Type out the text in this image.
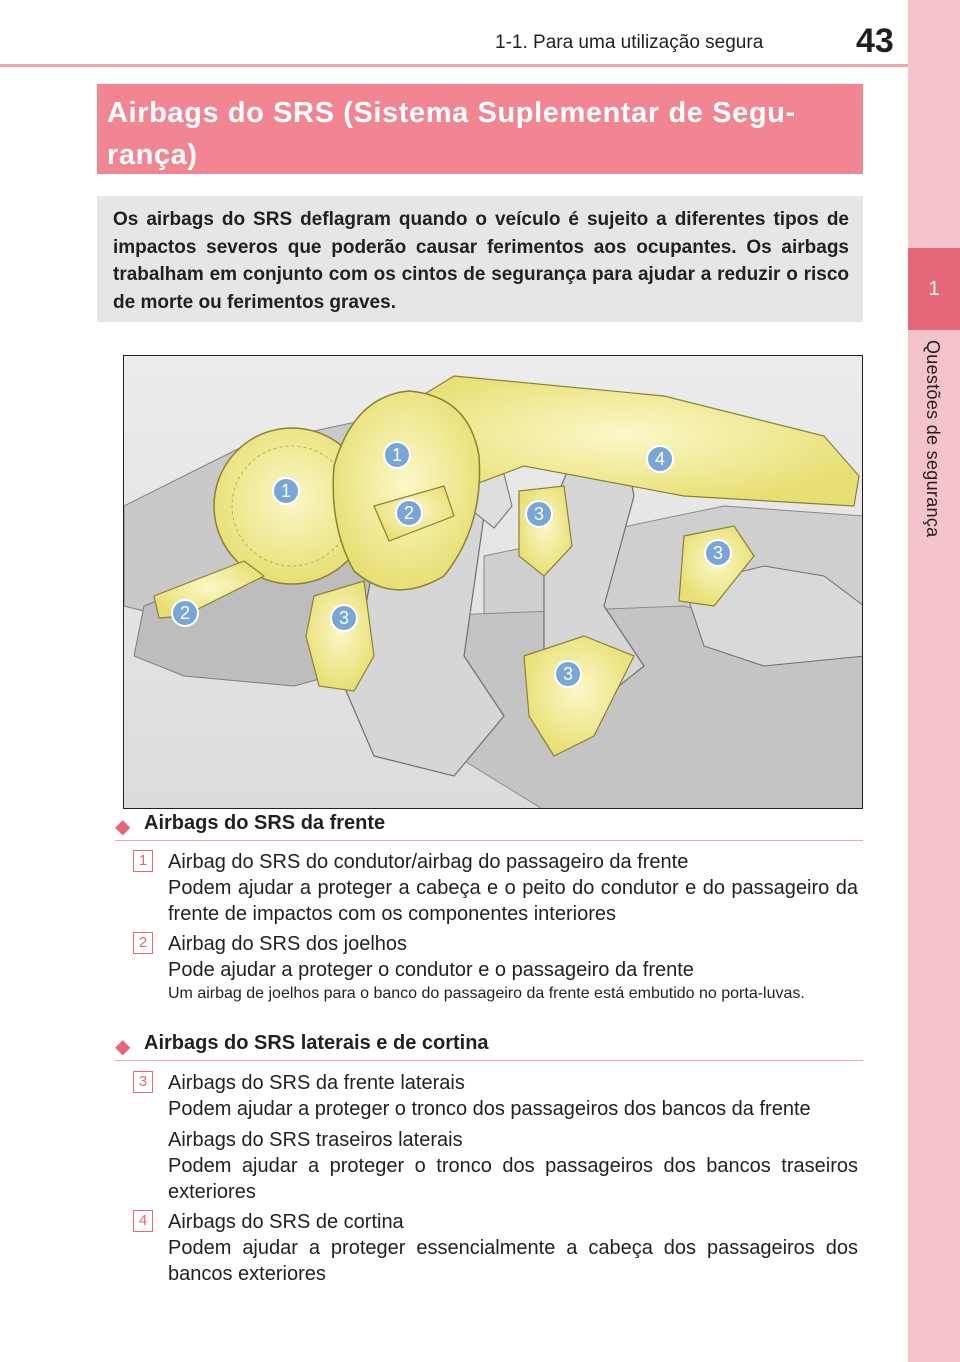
1-1. Para uma utilização segura	43
1
Questões de segurança
Airbags do SRS (Sistema Suplementar de Segu-rança)

Os airbags do SRS deflagram quando o veículo é sujeito a diferentes tipos de impactos severos que poderão causar ferimentos aos ocupantes. Os airbags trabalham em conjunto com os cintos de segurança para ajudar a reduzir o risco de morte ou ferimentos graves.

1
1
2
2
3
3
3
3
4
◆ Airbags do SRS da frente
1 Airbag do SRS do condutor/airbag do passageiro da frente
Podem ajudar a proteger a cabeça e o peito do condutor e do passageiro da frente de impactos com os componentes interiores
2 Airbag do SRS dos joelhos
Pode ajudar a proteger o condutor e o passageiro da frente
Um airbag de joelhos para o banco do passageiro da frente está embutido no porta-luvas.
◆ Airbags do SRS laterais e de cortina
3 Airbags do SRS da frente laterais
Podem ajudar a proteger o tronco dos passageiros dos bancos da frente
Airbags do SRS traseiros laterais
Podem ajudar a proteger o tronco dos passageiros dos bancos traseiros exteriores
4 Airbags do SRS de cortina
Podem ajudar a proteger essencialmente a cabeça dos passageiros dos bancos exteriores
